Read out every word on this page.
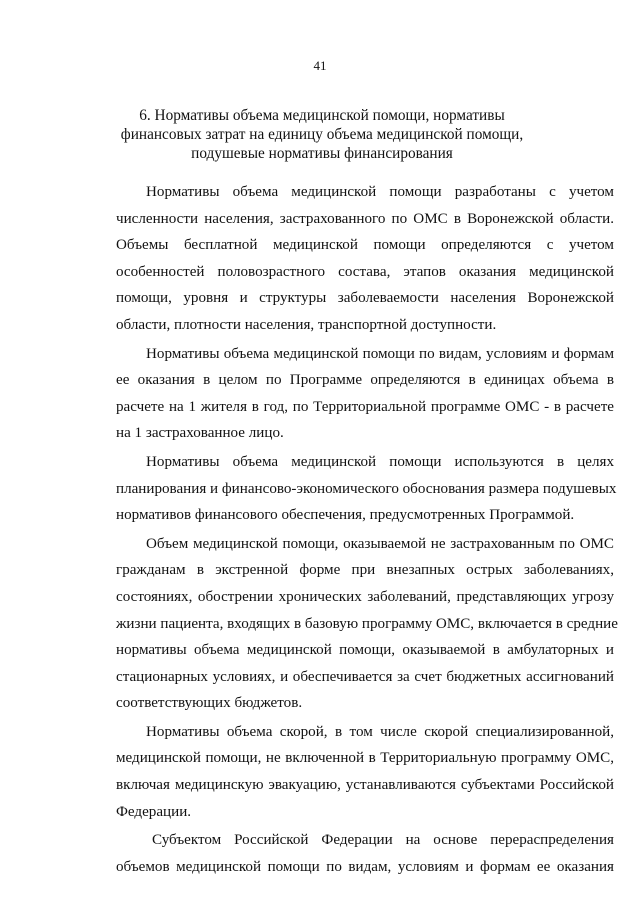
41
6. Нормативы объема медицинской помощи, нормативы
финансовых затрат на единицу объема медицинской помощи,
подушевые нормативы финансирования
Нормативы объема медицинской помощи разработаны с учетом
численности населения, застрахованного по ОМС в Воронежской области.
Объемы бесплатной медицинской помощи определяются с учетом
особенностей половозрастного состава, этапов оказания медицинской
помощи, уровня и структуры заболеваемости населения Воронежской
области, плотности населения, транспортной доступности.
Нормативы объема медицинской помощи по видам, условиям и формам
ее оказания в целом по Программе определяются в единицах объема в
расчете на 1 жителя в год, по Территориальной программе ОМС - в расчете
на 1 застрахованное лицо.
Нормативы объема медицинской помощи используются в целях
планирования и финансово-экономического обоснования размера подушевых
нормативов финансового обеспечения, предусмотренных Программой.
Объем медицинской помощи, оказываемой не застрахованным по ОМС
гражданам в экстренной форме при внезапных острых заболеваниях,
состояниях, обострении хронических заболеваний, представляющих угрозу
жизни пациента, входящих в базовую программу ОМС, включается в средние
нормативы объема медицинской помощи, оказываемой в амбулаторных и
стационарных условиях, и обеспечивается за счет бюджетных ассигнований
соответствующих бюджетов.
Нормативы объема скорой, в том числе скорой специализированной,
медицинской помощи, не включенной в Территориальную программу ОМС,
включая медицинскую эвакуацию, устанавливаются субъектами Российской
Федерации.
Субъектом Российской Федерации на основе перераспределения
объемов медицинской помощи по видам, условиям и формам ее оказания
